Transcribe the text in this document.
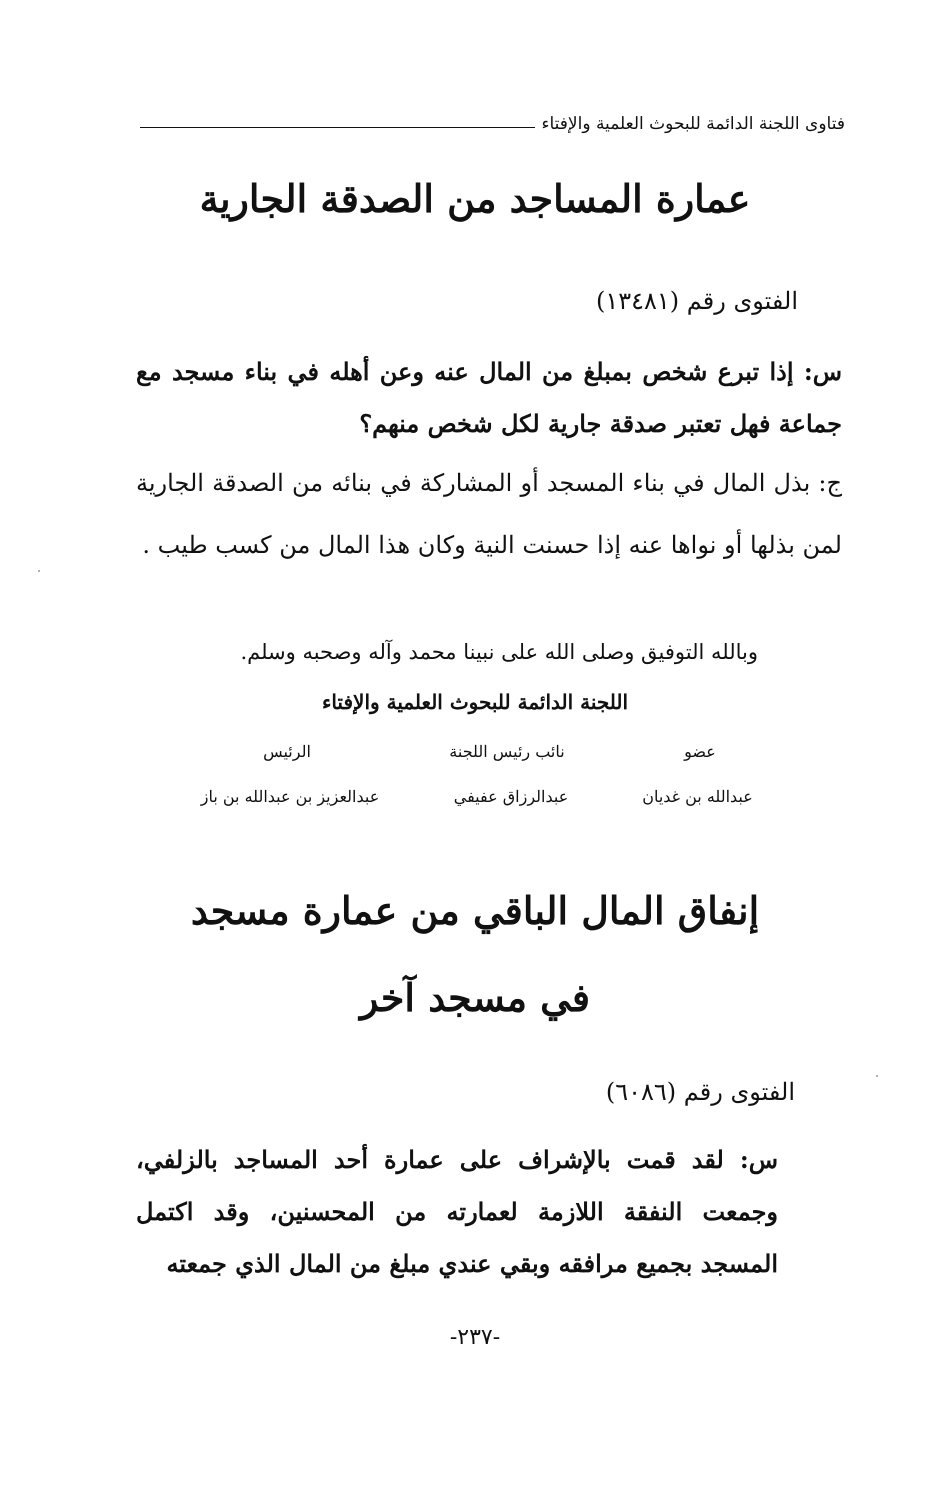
فتاوى اللجنة الدائمة للبحوث العلمية والإفتاء
عمارة المساجد من الصدقة الجارية
الفتوى رقم (١٣٤٨١)
س: إذا تبرع شخص بمبلغ من المال عنه وعن أهله في بناء مسجد مع جماعة فهل تعتبر صدقة جارية لكل شخص منهم؟
ج: بذل المال في بناء المسجد أو المشاركة في بنائه من الصدقة الجارية لمن بذلها أو نواها عنه إذا حسنت النية وكان هذا المال من كسب طيب .
وبالله التوفيق وصلى الله على نبينا محمد وآله وصحبه وسلم.
اللجنة الدائمة للبحوث العلمية والإفتاء
الرئيس	نائب رئيس اللجنة	عضو
عبدالعزيز بن عبدالله بن باز	عبدالرزاق عفيفي	عبدالله بن غديان
إنفاق المال الباقي من عمارة مسجد
في مسجد آخر
الفتوى رقم (٦٠٨٦)
س: لقد قمت بالإشراف على عمارة أحد المساجد بالزلفي، وجمعت النفقة اللازمة لعمارته من المحسنين، وقد اكتمل المسجد بجميع مرافقه وبقي عندي مبلغ من المال الذي جمعته
-٢٣٧-
